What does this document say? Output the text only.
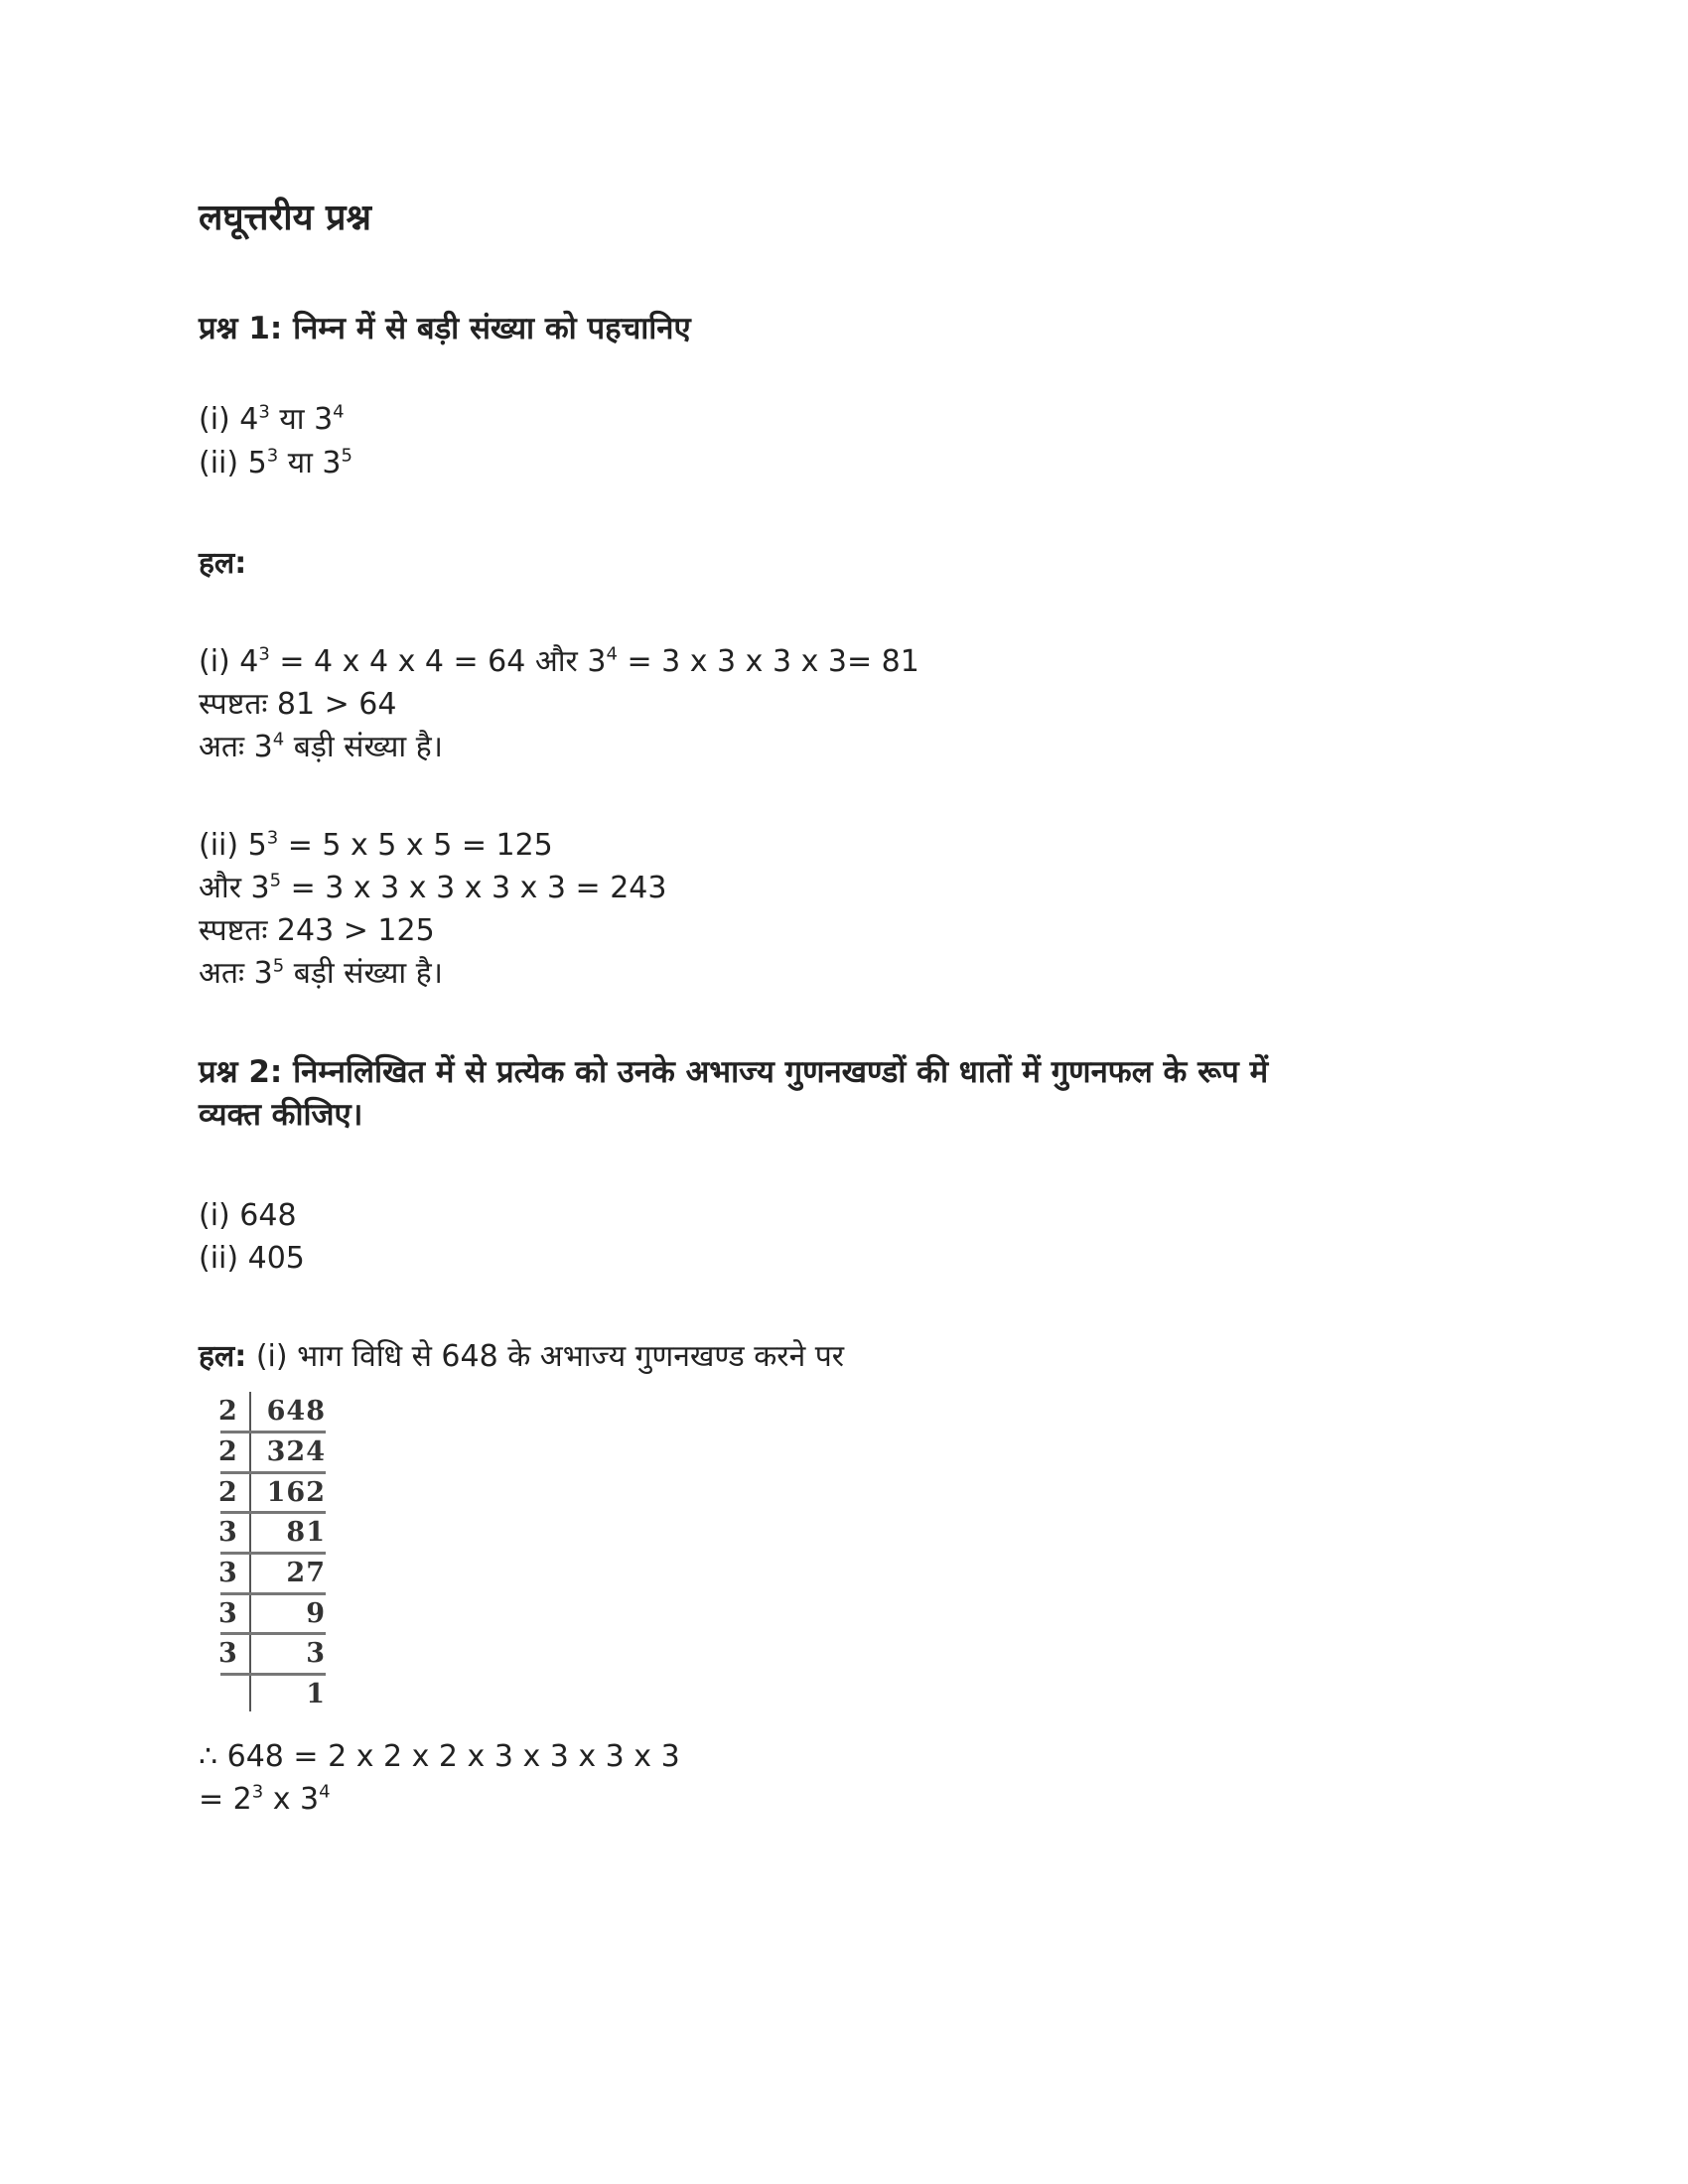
लघूत्तरीय प्रश्न
प्रश्न 1: निम्न में से बड़ी संख्या को पहचानिए
(i) $4^3$ या $3^4$
(ii) $5^3$ या $3^5$
हल:
(i) $4^3 = 4$ x 4 x 4 = 64 और $3^4 = 3$ x 3 x 3 x 3= 81
स्पष्टतः 81 > 64
अतः $3^4$ बड़ी संख्या है।
(ii) $5^3 = 5$ x 5 x 5 = 125
और $3^5 = 3$ x 3 x 3 x 3 x 3 = 243
स्पष्टतः 243 > 125
अतः $3^5$ बड़ी संख्या है।
प्रश्न 2: निम्नलिखित में से प्रत्येक को उनके अभाज्य गुणनखण्डों की धातों में गुणनफल के रूप में
व्यक्त कीजिए।
(i) 648
(ii) 405
हल: (i) भाग विधि से 648 के अभाज्य गुणनखण्ड करने पर
2 648
2 324
2 162
3 81
3 27
3	9
3	3
1
∴ 648 = 2 x 2 x 2 x 3 x 3 x 3 x 3
= $2^3$ x $3^4$
